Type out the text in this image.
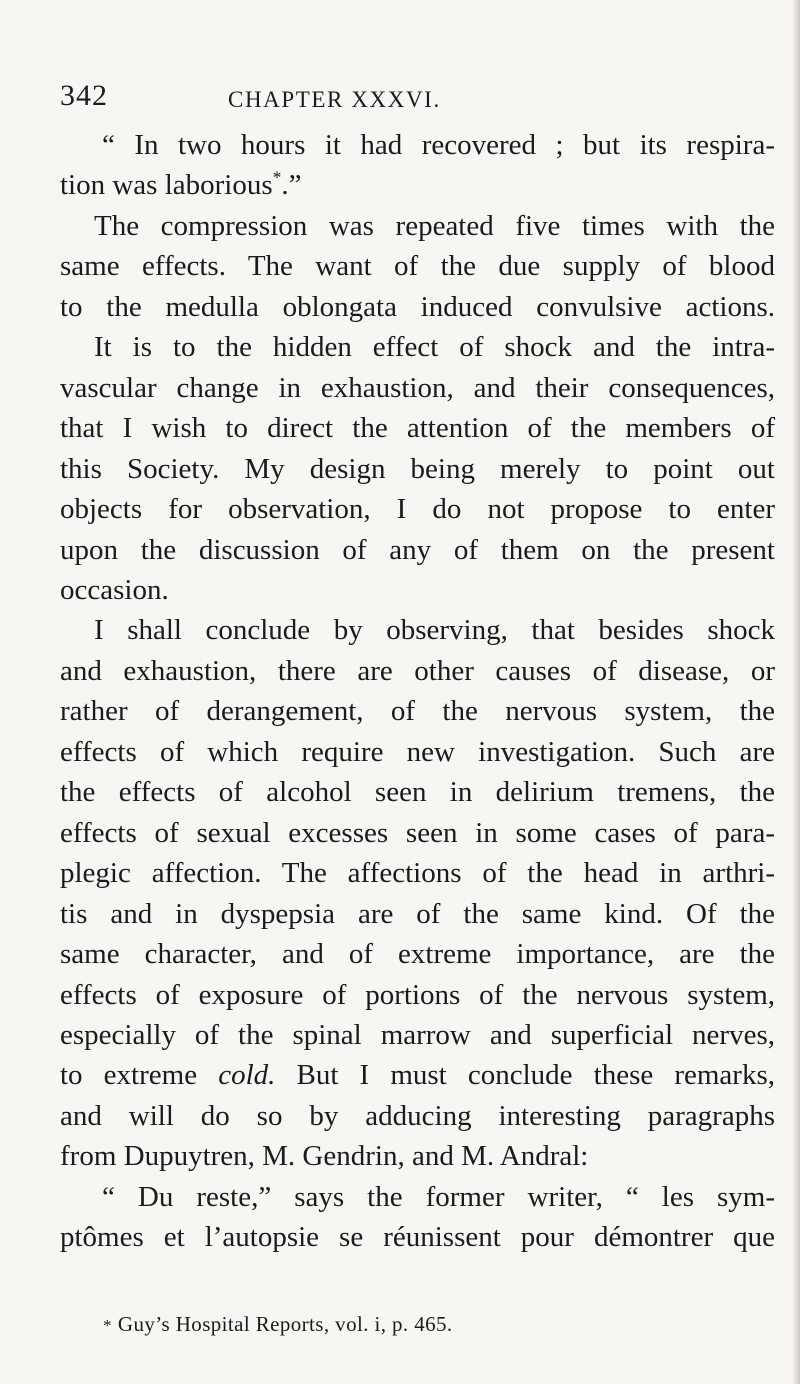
342	CHAPTER XXXVI.
“ In two hours it had recovered ; but its respira-
tion was laborious*.”
The compression was repeated five times with the
same effects. The want of the due supply of blood
to the medulla oblongata induced convulsive actions.
It is to the hidden effect of shock and the intra-
vascular change in exhaustion, and their consequences,
that I wish to direct the attention of the members of
this Society. My design being merely to point out
objects for observation, I do not propose to enter
upon the discussion of any of them on the present
occasion.
I shall conclude by observing, that besides shock
and exhaustion, there are other causes of disease, or
rather of derangement, of the nervous system, the
effects of which require new investigation. Such are
the effects of alcohol seen in delirium tremens, the
effects of sexual excesses seen in some cases of para-
plegic affection. The affections of the head in arthri-
tis and in dyspepsia are of the same kind. Of the
same character, and of extreme importance, are the
effects of exposure of portions of the nervous system,
especially of the spinal marrow and superficial nerves,
to extreme cold. But I must conclude these remarks,
and will do so by adducing interesting paragraphs
from Dupuytren, M. Gendrin, and M. Andral:
“ Du reste,” says the former writer, “ les sym-
ptômes et l’autopsie se réunissent pour démontrer que
* Guy’s Hospital Reports, vol. i, p. 465.
